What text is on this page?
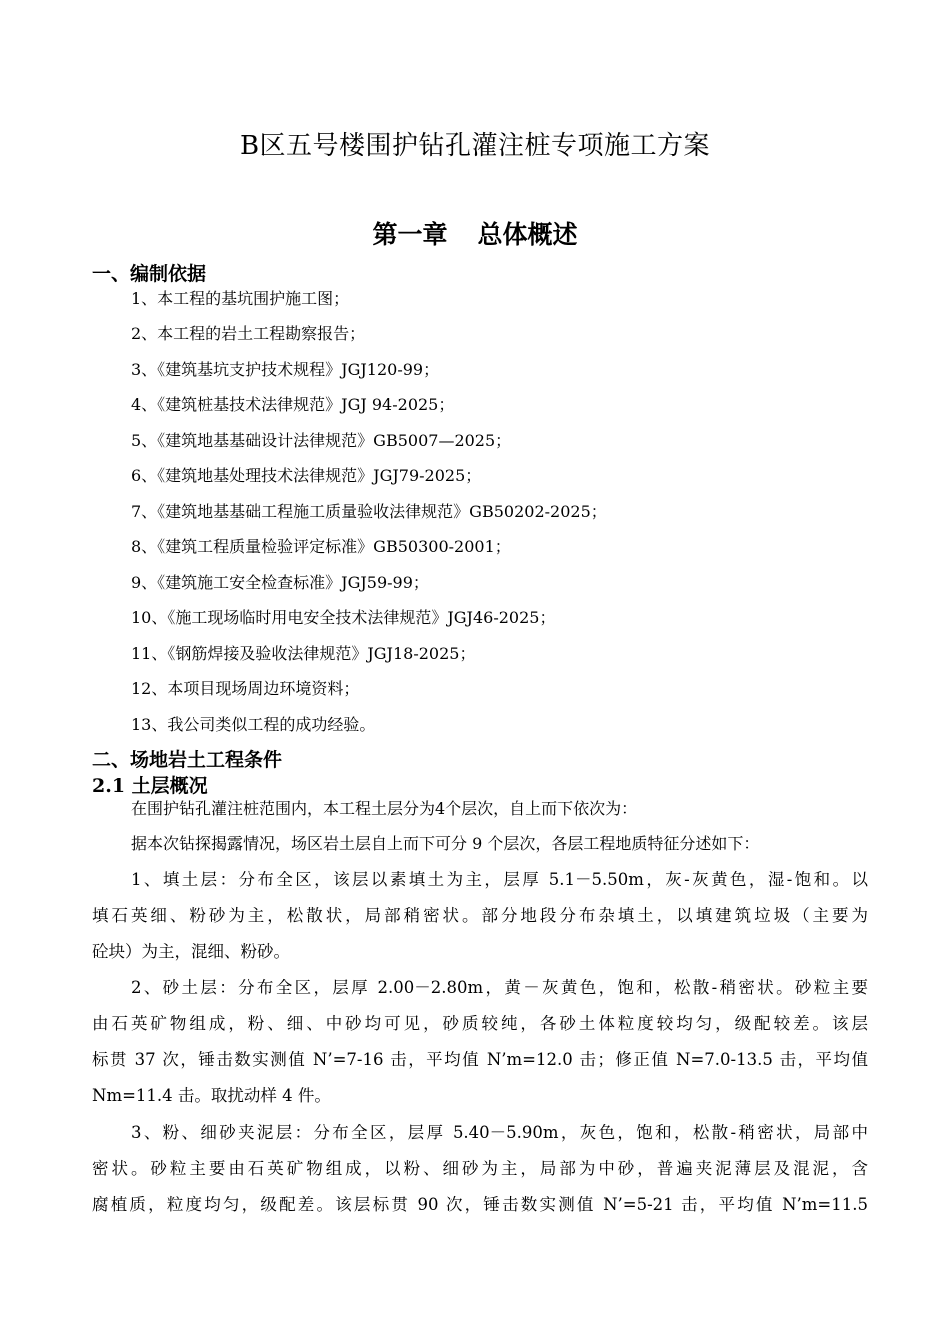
B区五号楼围护钻孔灌注桩专项施工方案
第一章 总体概述
一、编制依据
1、本工程的基坑围护施工图；
2、本工程的岩土工程勘察报告；
3、《建筑基坑支护技术规程》JGJ120-99；
4、《建筑桩基技术法律规范》JGJ 94-2025；
5、《建筑地基基础设计法律规范》GB5007—2025；
6、《建筑地基处理技术法律规范》JGJ79-2025；
7、《建筑地基基础工程施工质量验收法律规范》GB50202-2025；
8、《建筑工程质量检验评定标准》GB50300-2001；
9、《建筑施工安全检查标准》JGJ59-99；
10、《施工现场临时用电安全技术法律规范》JGJ46-2025；
11、《钢筋焊接及验收法律规范》JGJ18-2025；
12、本项目现场周边环境资料；
13、我公司类似工程的成功经验。
二、场地岩土工程条件
2.1 土层概况
在围护钻孔灌注桩范围内，本工程土层分为4个层次，自上而下依次为：
据本次钻探揭露情况，场区岩土层自上而下可分 9 个层次，各层工程地质特征分述如下：
1、填土层：分布全区，该层以素填土为主，层厚 5.1－5.50m，灰-灰黄色，湿-饱和。以
填石英细、粉砂为主，松散状，局部稍密状。部分地段分布杂填土，以填建筑垃圾（主要为
砼块）为主，混细、粉砂。
2、砂土层：分布全区，层厚 2.00－2.80m，黄－灰黄色，饱和，松散-稍密状。砂粒主要
由石英矿物组成，粉、细、中砂均可见，砂质较纯，各砂土体粒度较均匀，级配较差。该层
标贯 37 次，锤击数实测值 N’=7-16 击，平均值 N’m=12.0 击；修正值 N=7.0-13.5 击，平均值
Nm=11.4 击。取扰动样 4 件。
3、粉、细砂夹泥层：分布全区，层厚 5.40－5.90m，灰色，饱和，松散-稍密状，局部中
密状。砂粒主要由石英矿物组成，以粉、细砂为主，局部为中砂，普遍夹泥薄层及混泥，含
腐植质，粒度均匀，级配差。该层标贯 90 次，锤击数实测值 N’=5-21 击，平均值 N’m=11.5
